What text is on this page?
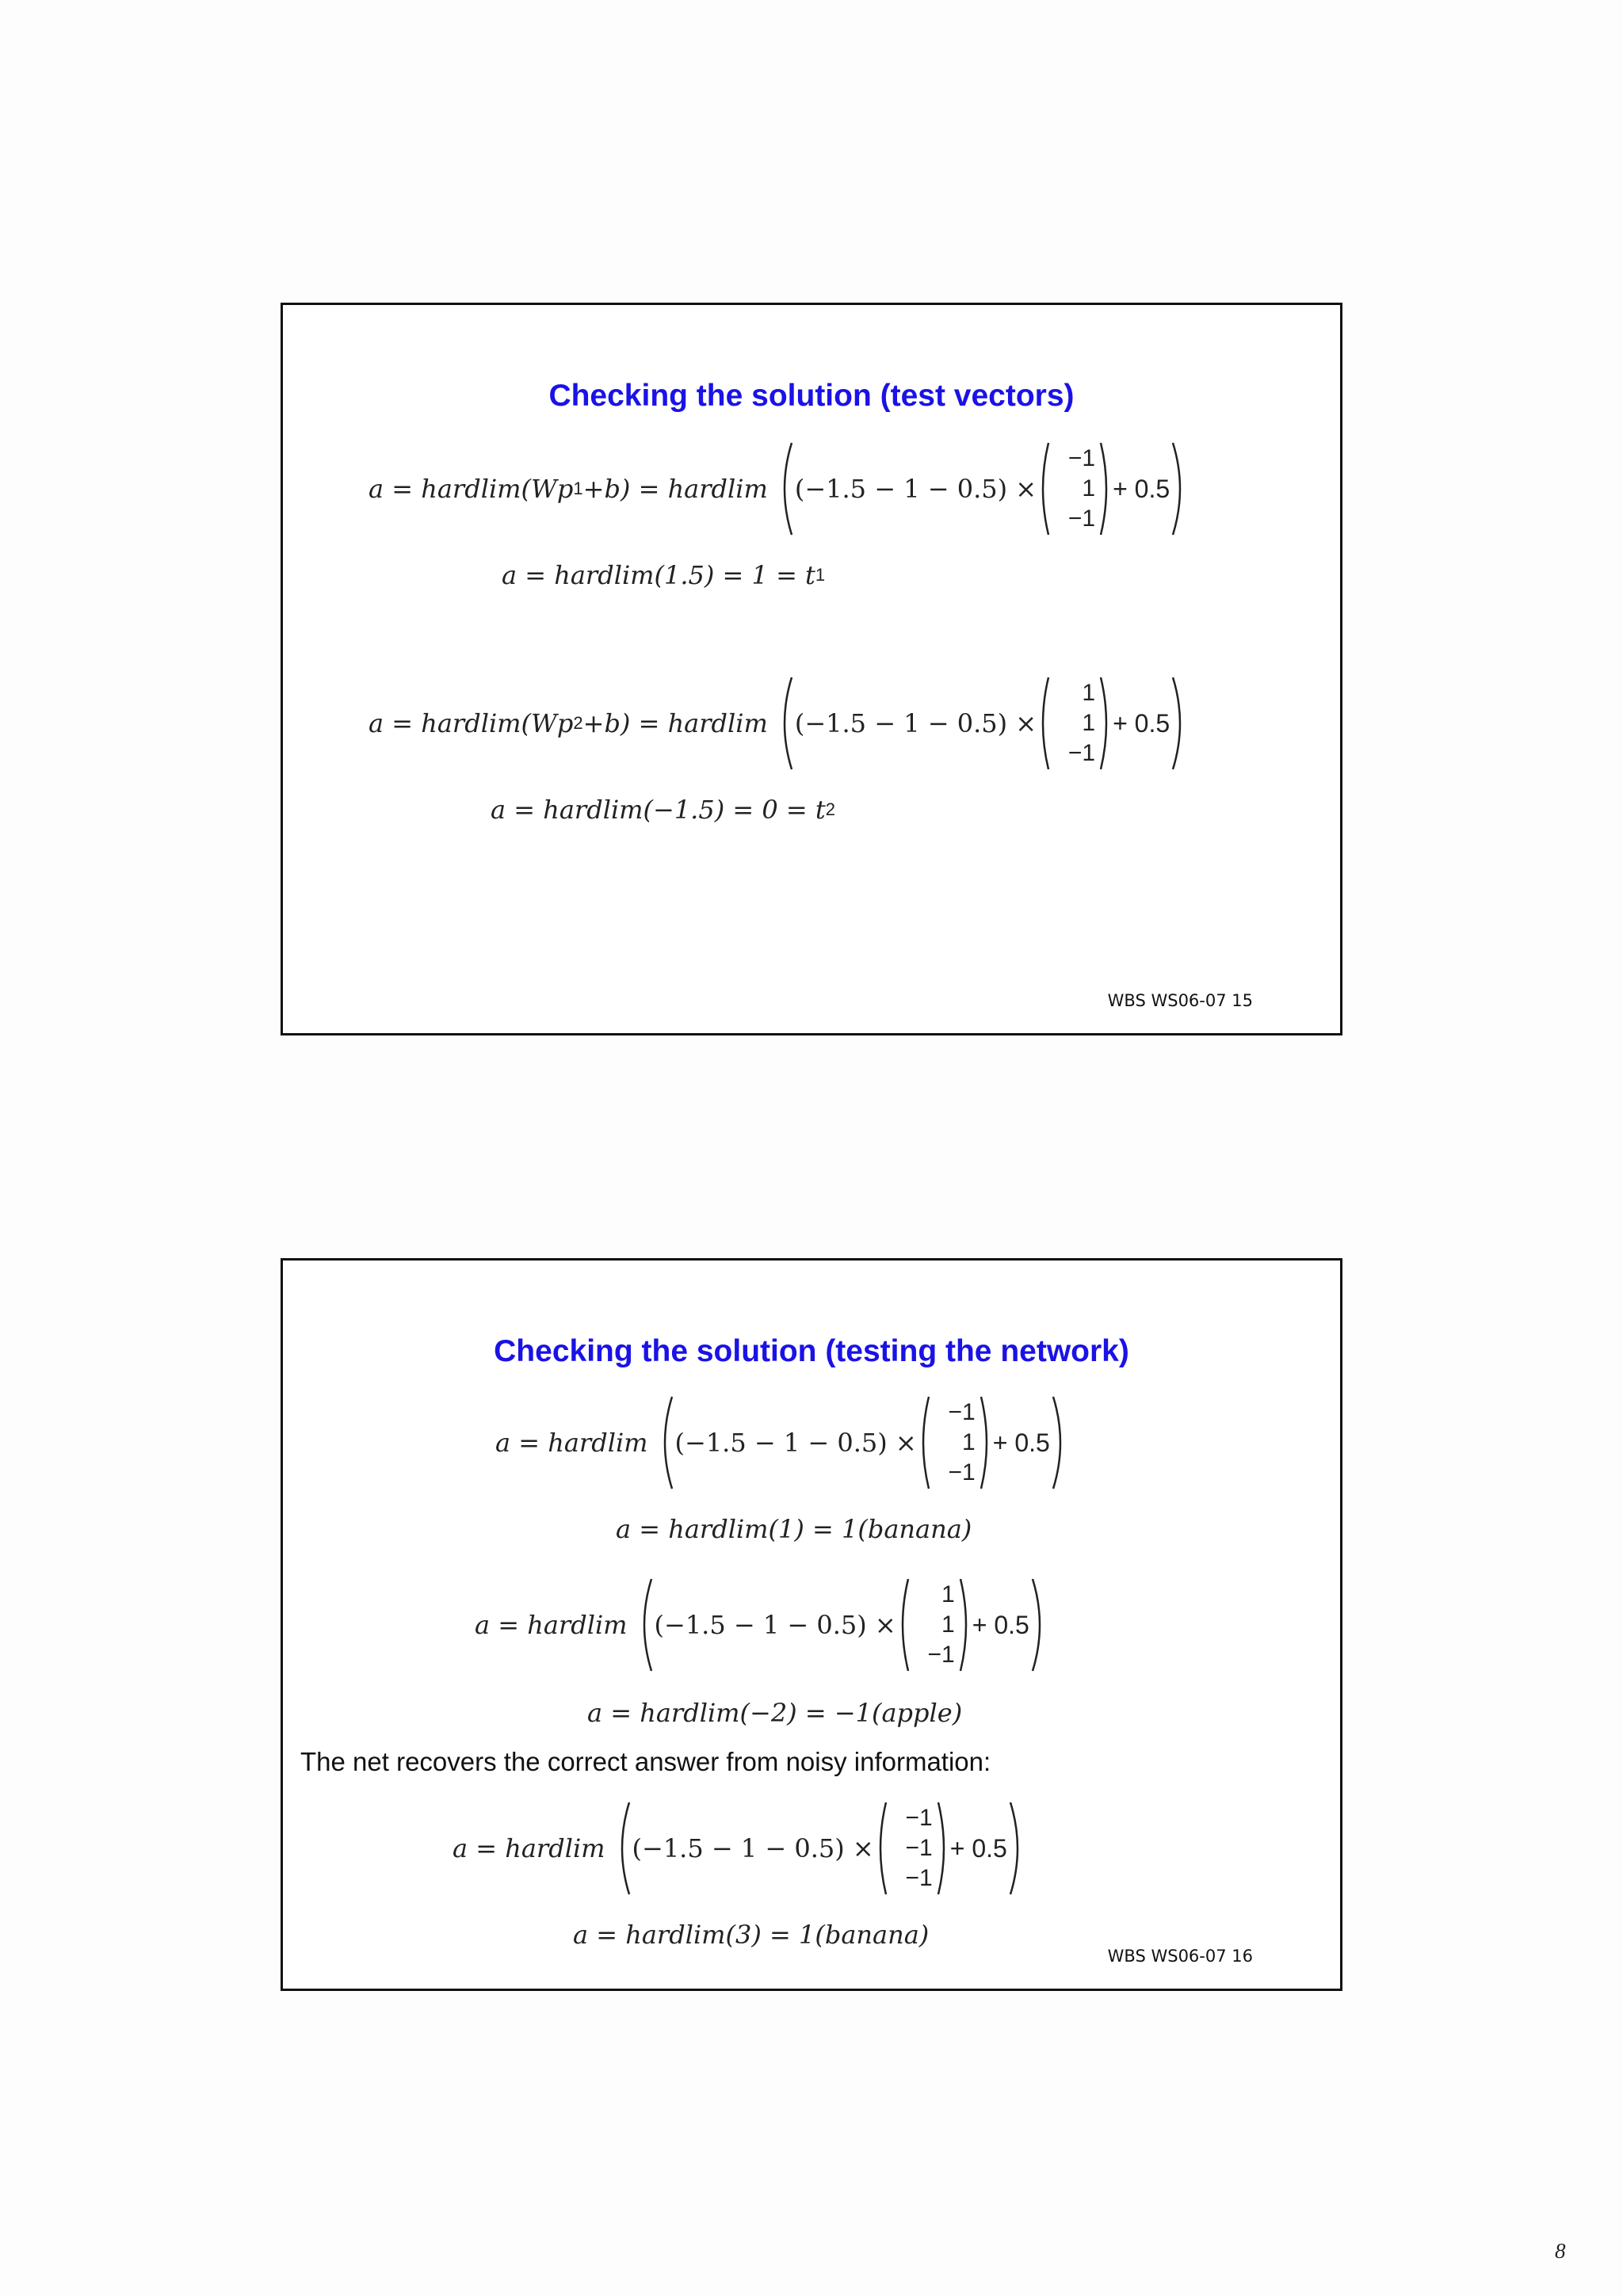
Checking the solution (test vectors)
a = hardlim(Wp 1 +b) = hardlim (−1.5 − 1 − 0.5) ×
−1
1
−1
+ 0.5
a = hardlim(1.5) = 1 = t 1
a = hardlim(Wp 2 +b) = hardlim (−1.5 − 1 − 0.5) ×
1
1
−1
+ 0.5
a = hardlim(−1.5) = 0 = t 2
WBS WS06-07 15
Checking the solution (testing the network)
a = hardlim (−1.5 − 1 − 0.5) ×
−1
1
−1
+ 0.5
a = hardlim(1) = 1(banana)
a = hardlim (−1.5 − 1 − 0.5) ×
1
1
−1
+ 0.5
a = hardlim(−2) = −1(apple)
The net recovers the correct answer from noisy information:
a = hardlim (−1.5 − 1 − 0.5) ×
−1
−1
−1
+ 0.5
a = hardlim(3) = 1(banana)
WBS WS06-07 16
8
